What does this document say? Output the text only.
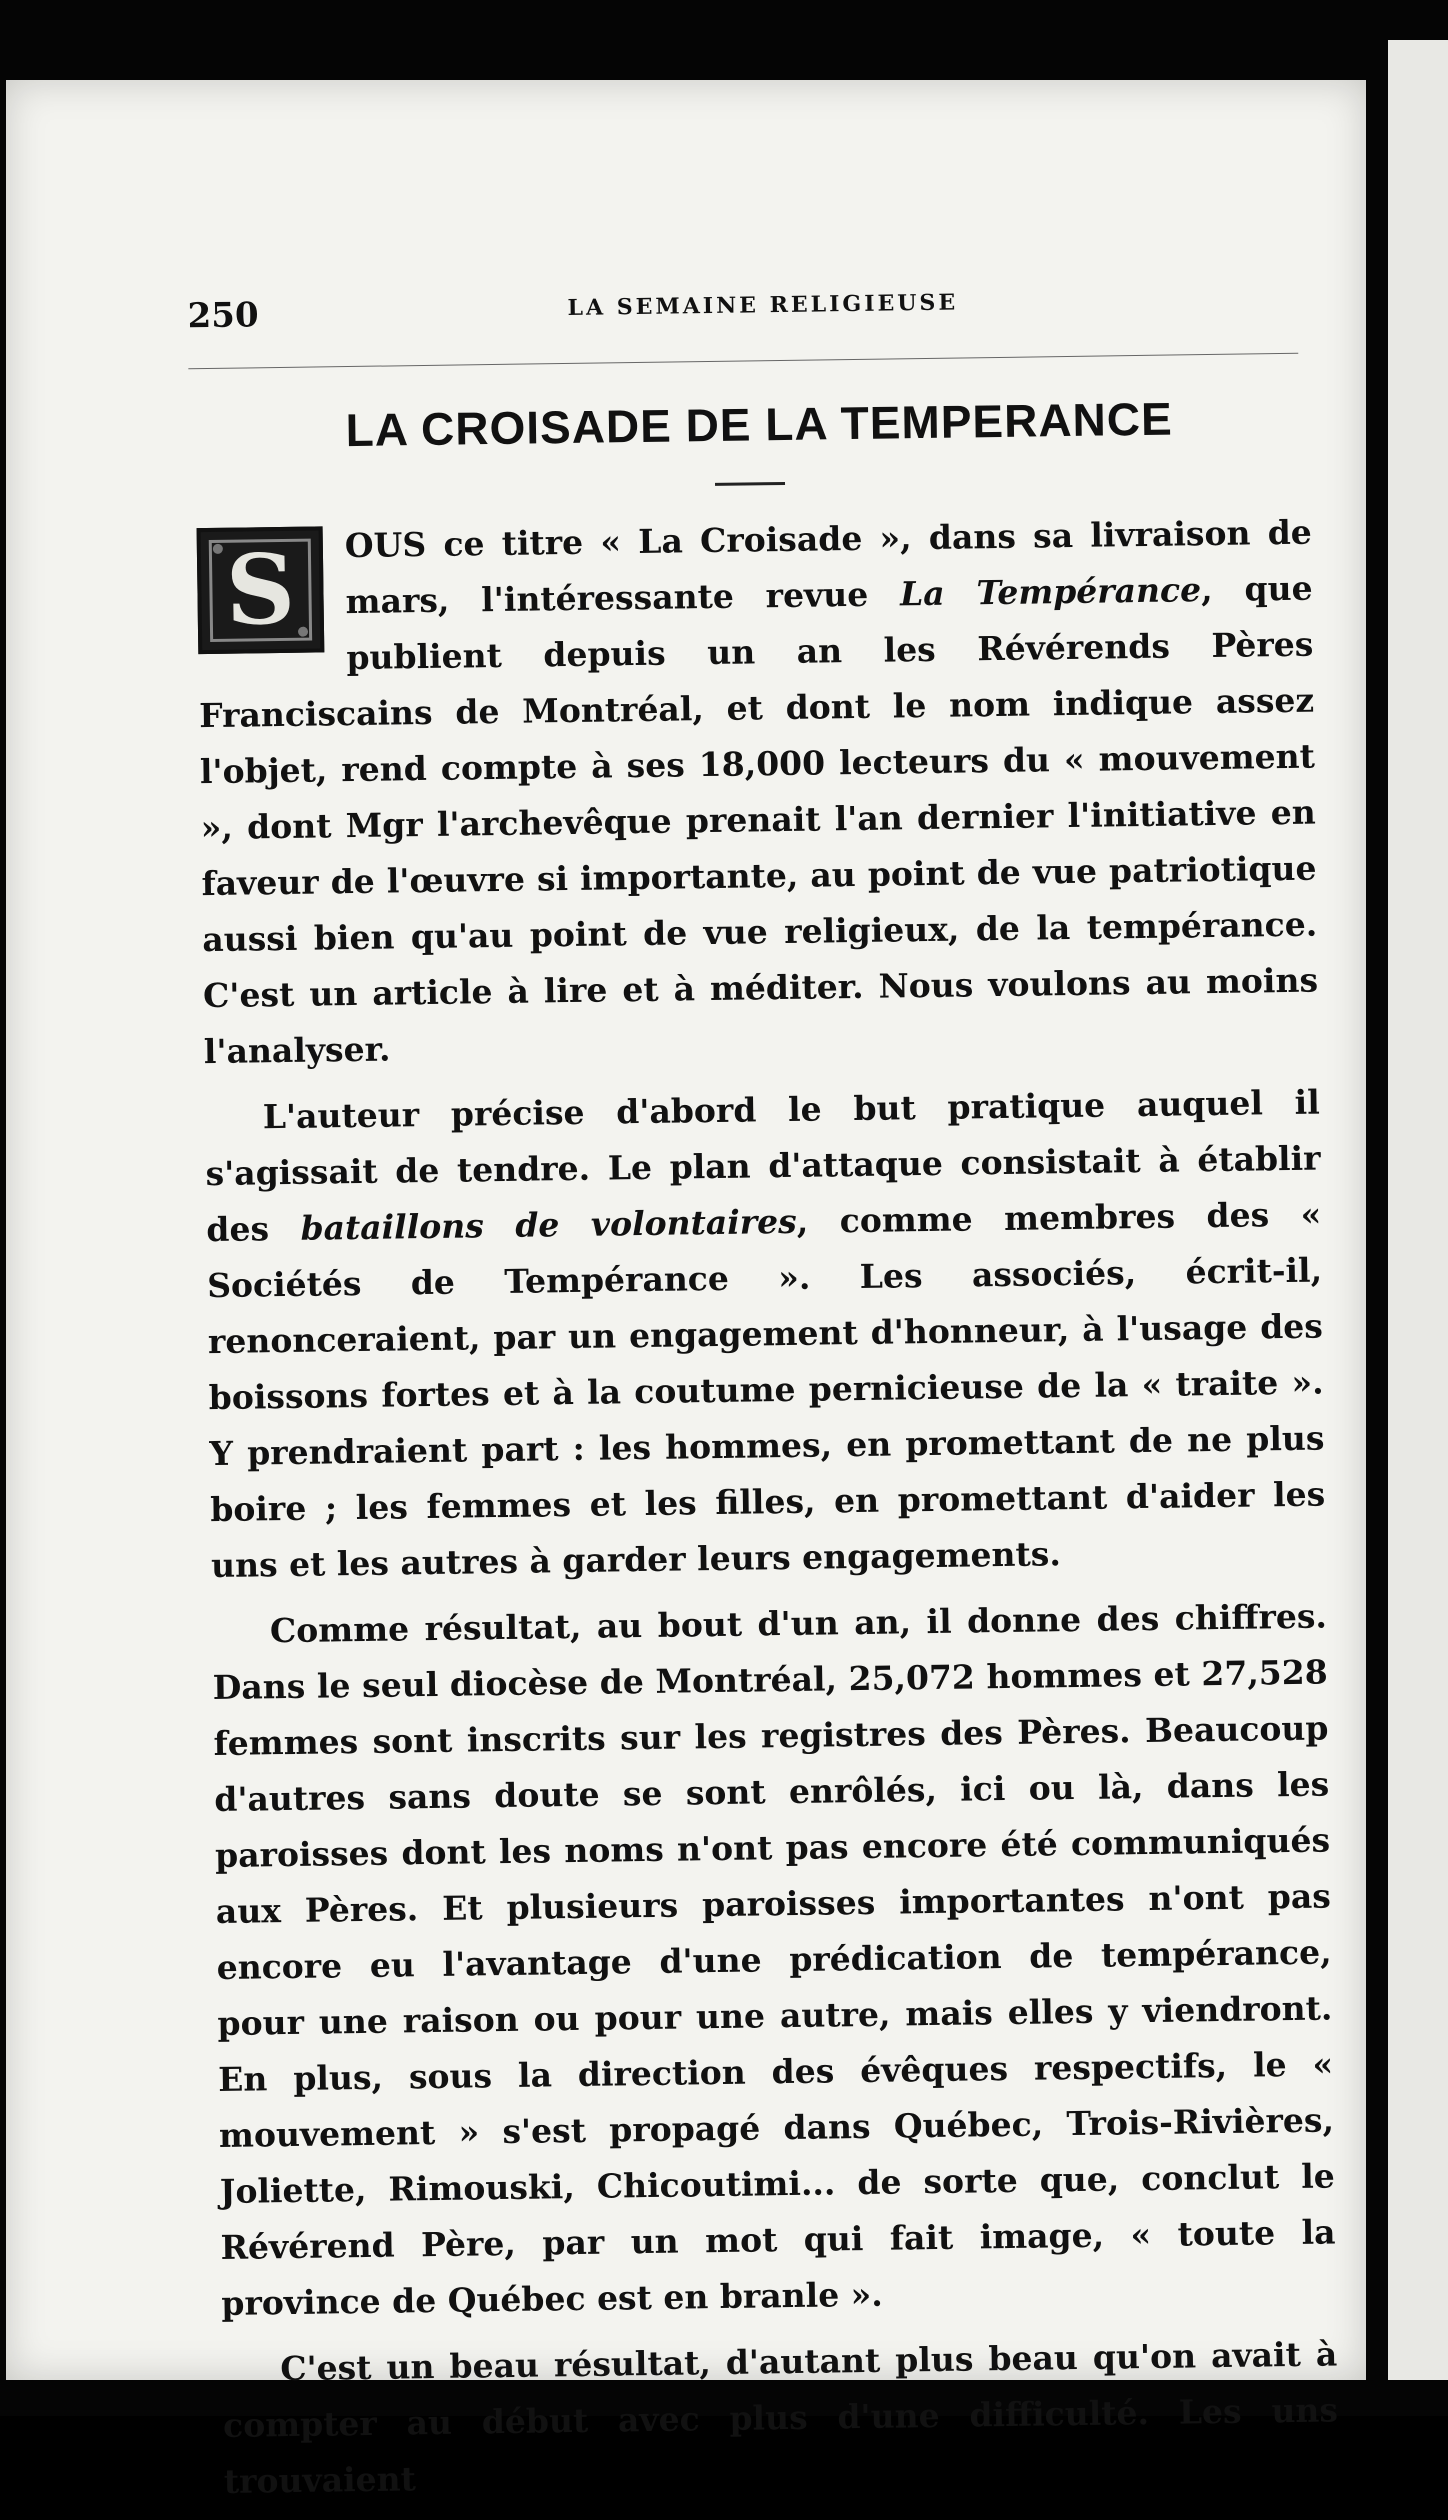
250	LA SEMAINE RELIGIEUSE
LA CROISADE DE LA TEMPERANCE

S OUS ce titre « La Croisade », dans sa livraison de mars, l'intéressante revue La Tempérance, que publient depuis un an les Révérends Pères Franciscains de Montréal, et dont le nom indique assez l'objet, rend compte à ses 18,000 lecteurs du « mouvement », dont Mgr l'archevêque prenait l'an dernier l'initiative en faveur de l'œuvre si importante, au point de vue patriotique aussi bien qu'au point de vue religieux, de la tempérance. C'est un article à lire et à méditer. Nous voulons au moins l'analyser.

L'auteur précise d'abord le but pratique auquel il s'agissait de tendre. Le plan d'attaque consistait à établir des bataillons de volontaires, comme membres des « Sociétés de Tempérance ». Les associés, écrit-il, renonceraient, par un engagement d'honneur, à l'usage des boissons fortes et à la coutume pernicieuse de la « traite ». Y prendraient part : les hommes, en promettant de ne plus boire ; les femmes et les filles, en promettant d'aider les uns et les autres à garder leurs engagements.

Comme résultat, au bout d'un an, il donne des chiffres. Dans le seul diocèse de Montréal, 25,072 hommes et 27,528 femmes sont inscrits sur les registres des Pères. Beaucoup d'autres sans doute se sont enrôlés, ici ou là, dans les paroisses dont les noms n'ont pas encore été communiqués aux Pères. Et plusieurs paroisses importantes n'ont pas encore eu l'avantage d'une prédication de tempérance, pour une raison ou pour une autre, mais elles y viendront. En plus, sous la direction des évêques respectifs, le « mouvement » s'est propagé dans Québec, Trois-Rivières, Joliette, Rimouski, Chicoutimi... de sorte que, conclut le Révérend Père, par un mot qui fait image, « toute la province de Québec est en branle ».

C'est un beau résultat, d'autant plus beau qu'on avait à compter au début avec plus d'une difficulté. Les uns trouvaient
